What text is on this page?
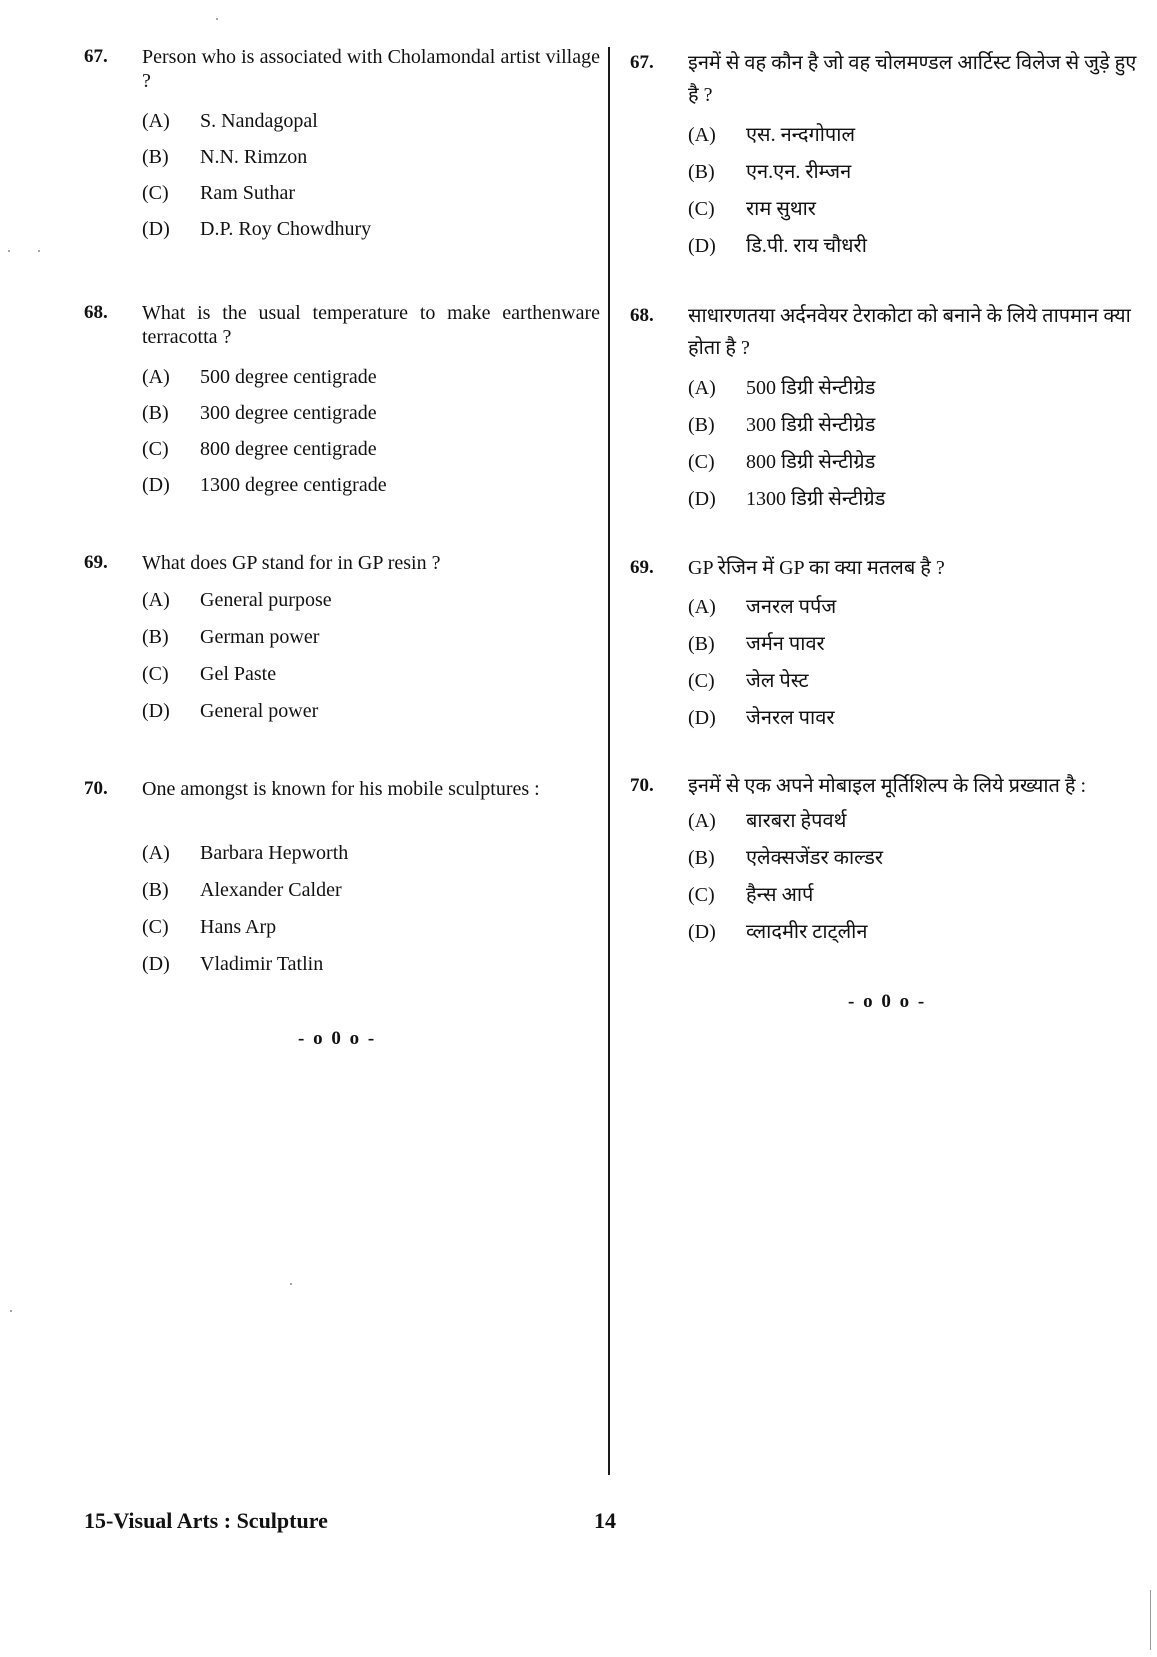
67. Person who is associated with Cholamondal artist village ?
(A) S. Nandagopal
(B) N.N. Rimzon
(C) Ram Suthar
(D) D.P. Roy Chowdhury
68. What is the usual temperature to make earthenware terracotta ?
(A) 500 degree centigrade
(B) 300 degree centigrade
(C) 800 degree centigrade
(D) 1300 degree centigrade
69. What does GP stand for in GP resin ?
(A) General purpose
(B) German power
(C) Gel Paste
(D) General power
70. One amongst is known for his mobile sculptures :
(A) Barbara Hepworth
(B) Alexander Calder
(C) Hans Arp
(D) Vladimir Tatlin
- o 0 o -
67. इनमें से वह कौन है जो वह चोलमण्डल आर्टिस्ट विलेज से जुड़े हुए है ?
(A) एस. नन्दगोपाल
(B) एन.एन. रीम्जन
(C) राम सुथार
(D) डि.पी. राय चौधरी
68. साधारणतया अर्दनवेयर टेराकोटा को बनाने के लिये तापमान क्या होता है ?
(A) 500 डिग्री सेन्टीग्रेड
(B) 300 डिग्री सेन्टीग्रेड
(C) 800 डिग्री सेन्टीग्रेड
(D) 1300 डिग्री सेन्टीग्रेड
69. GP रेजिन में GP का क्या मतलब है ?
(A) जनरल पर्पज
(B) जर्मन पावर
(C) जेल पेस्ट
(D) जेनरल पावर
70. इनमें से एक अपने मोबाइल मूर्तिशिल्प के लिये प्रख्यात है :
(A) बारबरा हेपवर्थ
(B) एलेक्सजेंडर काल्डर
(C) हैन्स आर्प
(D) व्लादमीर टाट्लीन
- o 0 o -
15-Visual Arts : Sculpture	14
